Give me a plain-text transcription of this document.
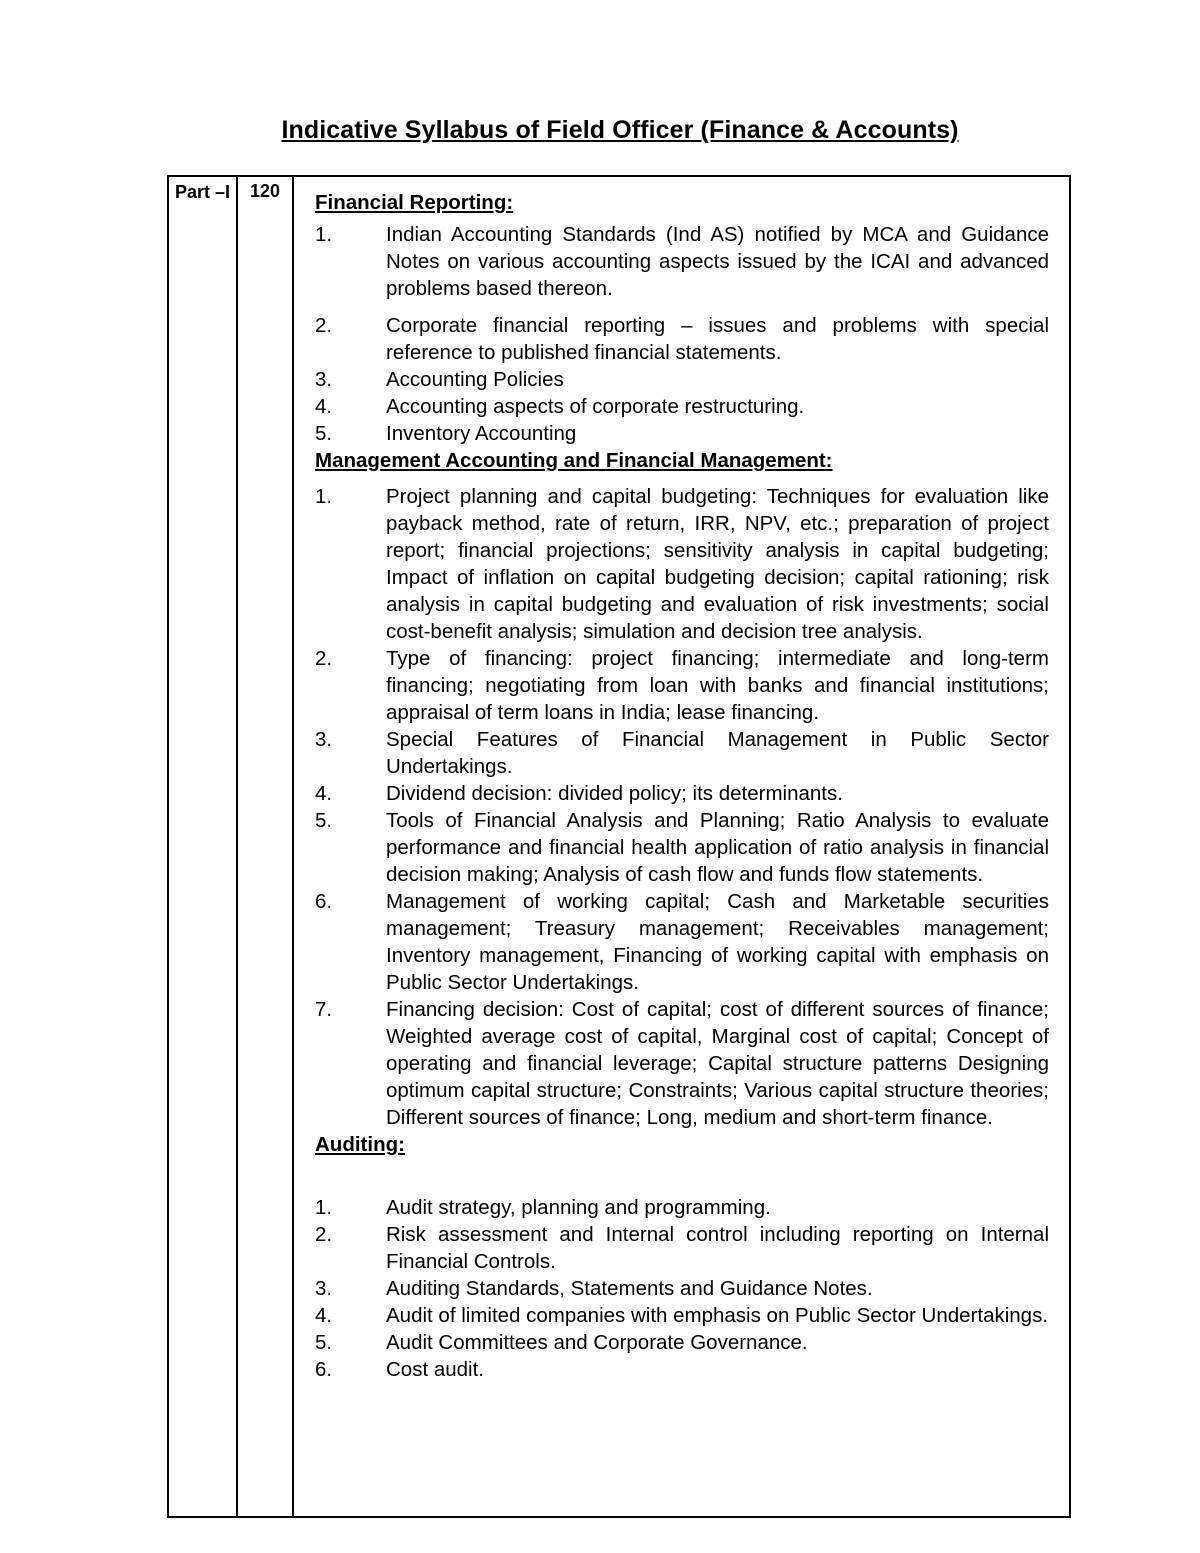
Indicative Syllabus of Field Officer (Finance & Accounts)
Part –I	120	Financial Reporting:
1.	Indian Accounting Standards (Ind AS) notified by MCA and Guidance Notes on various accounting aspects issued by the ICAI and advanced problems based thereon.
2.	Corporate financial reporting – issues and problems with special reference to published financial statements.
3.	Accounting Policies
4.	Accounting aspects of corporate restructuring.
5.	Inventory Accounting
Management Accounting and Financial Management:
1.	Project planning and capital budgeting: Techniques for evaluation like payback method, rate of return, IRR, NPV, etc.; preparation of project report; financial projections; sensitivity analysis in capital budgeting; Impact of inflation on capital budgeting decision; capital rationing; risk analysis in capital budgeting and evaluation of risk investments; social cost-benefit analysis; simulation and decision tree analysis.
2.	Type of financing: project financing; intermediate and long-term financing; negotiating from loan with banks and financial institutions; appraisal of term loans in India; lease financing.
3.	Special Features of Financial Management in Public Sector Undertakings.
4.	Dividend decision: divided policy; its determinants.
5.	Tools of Financial Analysis and Planning; Ratio Analysis to evaluate performance and financial health application of ratio analysis in financial decision making; Analysis of cash flow and funds flow statements.
6.	Management of working capital; Cash and Marketable securities management; Treasury management; Receivables management; Inventory management, Financing of working capital with emphasis on Public Sector Undertakings.
7.	Financing decision: Cost of capital; cost of different sources of finance; Weighted average cost of capital, Marginal cost of capital; Concept of operating and financial leverage; Capital structure patterns Designing optimum capital structure; Constraints; Various capital structure theories; Different sources of finance; Long, medium and short-term finance.
Auditing:
1.	Audit strategy, planning and programming.
2.	Risk assessment and Internal control including reporting on Internal Financial Controls.
3.	Auditing Standards, Statements and Guidance Notes.
4.	Audit of limited companies with emphasis on Public Sector Undertakings.
5.	Audit Committees and Corporate Governance.
6.	Cost audit.
